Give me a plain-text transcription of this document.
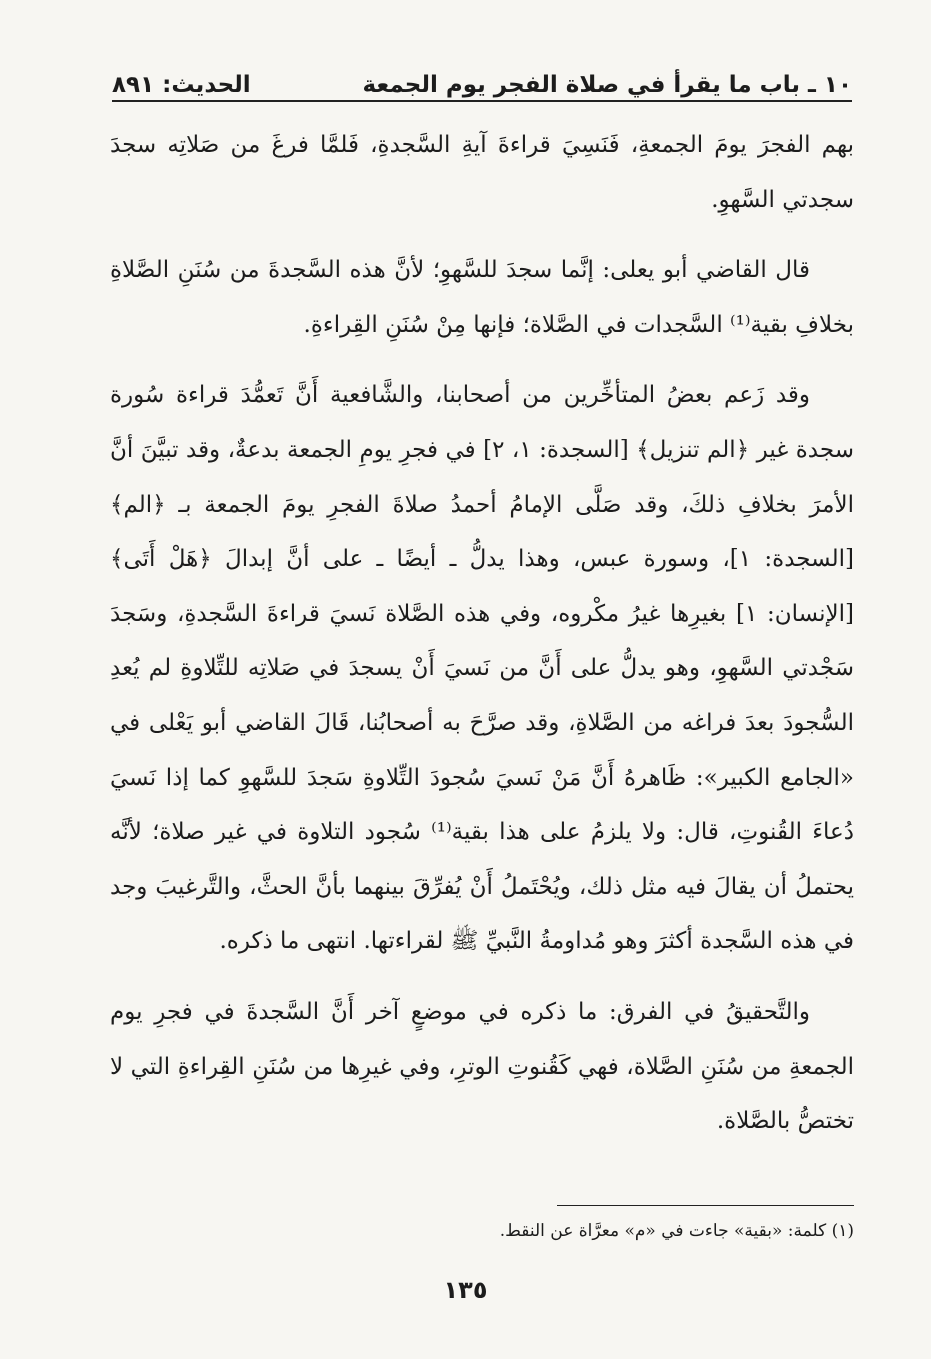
١٠ ـ باب ما يقرأ في صلاة الفجر يوم الجمعة
الحديث: ٨٩١

بهم الفجرَ يومَ الجمعةِ، فَنَسِيَ قراءةَ آيةِ السَّجدةِ، فَلمَّا فرغَ من صَلاتِه سجدَ سجدتي السَّهوِ.

قال القاضي أبو يعلى: إنَّما سجدَ للسَّهوِ؛ لأنَّ هذه السَّجدةَ من سُنَنِ الصَّلاةِ بخلافِ بقية⁽¹⁾ السَّجدات في الصَّلاة؛ فإنها مِنْ سُنَنِ القِراءةِ.

وقد زَعم بعضُ المتأخِّرين من أصحابنا، والشَّافعية أَنَّ تَعمُّدَ قراءة سُورة سجدة غير ﴿الم تنزيل﴾ [السجدة: ١، ٢] في فجرِ يومِ الجمعة بدعةٌ، وقد تبيَّنَ أنَّ الأمرَ بخلافِ ذلكَ، وقد صَلَّى الإمامُ أحمدُ صلاةَ الفجرِ يومَ الجمعة بـ ﴿الم﴾ [السجدة: ١]، وسورة عبس، وهذا يدلُّ ـ أيضًا ـ على أنَّ إبدالَ ﴿هَلْ أَتَى﴾ [الإنسان: ١] بغيرِها غيرُ مكْروه، وفي هذه الصَّلاة نَسيَ قراءةَ السَّجدةِ، وسَجدَ سَجْدتي السَّهوِ، وهو يدلُّ على أَنَّ من نَسيَ أَنْ يسجدَ في صَلاتِه للتِّلاوةِ لم يُعدِ السُّجودَ بعدَ فراغه من الصَّلاةِ، وقد صرَّحَ به أصحابُنا، قَالَ القاضي أبو يَعْلى في «الجامع الكبير»: ظَاهرهُ أَنَّ مَنْ نَسيَ سُجودَ التِّلاوةِ سَجدَ للسَّهوِ كما إذا نَسيَ دُعاءَ القُنوتِ، قال: ولا يلزمُ على هذا بقية⁽¹⁾ سُجود التلاوة في غير صلاة؛ لأنَّه يحتملُ أن يقالَ فيه مثل ذلك، ويُحْتَملُ أَنْ يُفرِّقَ بينهما بأنَّ الحثَّ، والتَّرغيبَ وجد في هذه السَّجدة أكثرَ وهو مُداومةُ النَّبيِّ ﷺ لقراءتها. انتهى ما ذكره.

والتَّحقيقُ في الفرق: ما ذكره في موضعٍ آخر أَنَّ السَّجدةَ في فجرِ يوم الجمعةِ من سُنَنِ الصَّلاة، فهي كَقُنوتِ الوترِ، وفي غيرِها من سُنَنِ القِراءةِ التي لا تختصُّ بالصَّلاة.

(١) كلمة: «بقية» جاءت في «م» معرَّاة عن النقط.
١٣٥
